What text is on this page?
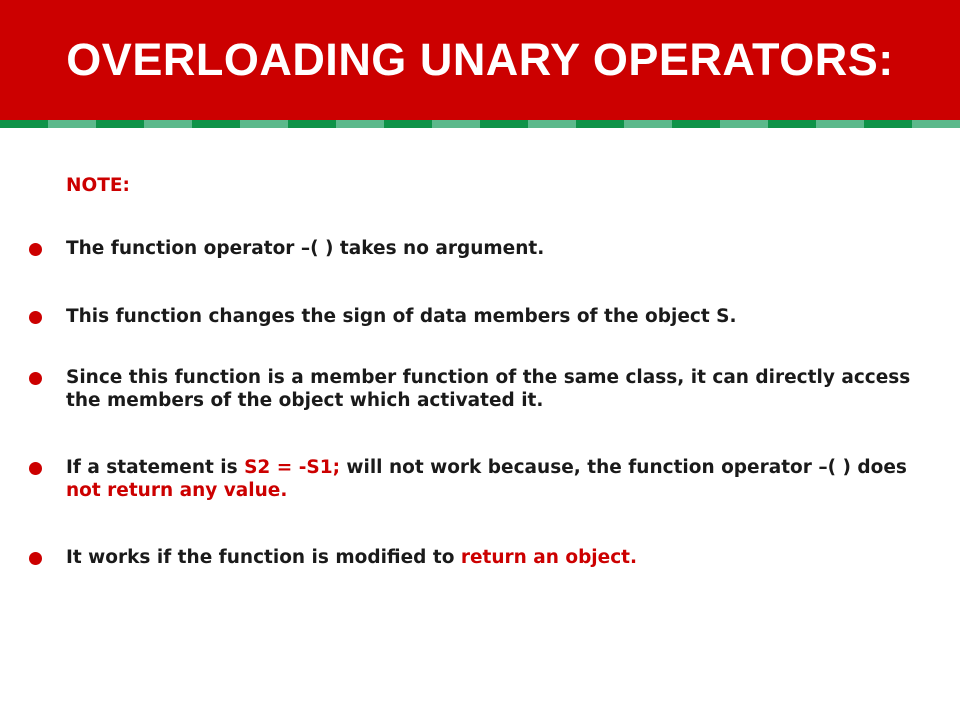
OVERLOADING UNARY OPERATORS:
NOTE:
The function operator –( ) takes no argument.
This function changes the sign of data members of the object S.
Since this function is a member function of the same class, it can directly access the members of the object which activated it.
If a statement is S2 = -S1; will not work because, the function operator –( ) does not return any value.
It works if the function is modified to return an object.
